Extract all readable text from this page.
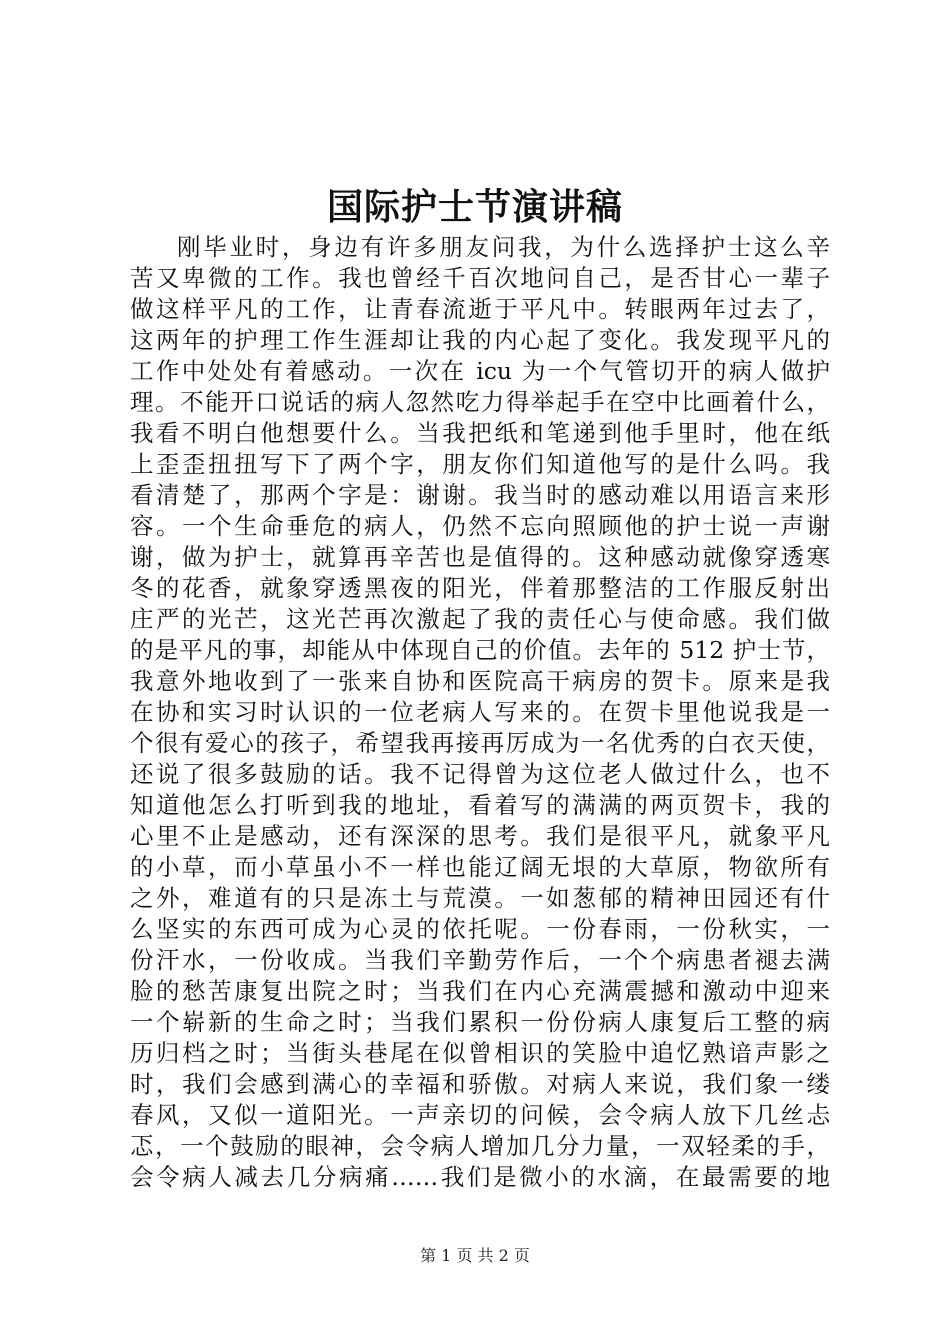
国际护士节演讲稿
刚毕业时，身边有许多朋友问我，为什么选择护士这么辛
苦又卑微的工作。我也曾经千百次地问自己，是否甘心一辈子
做这样平凡的工作，让青春流逝于平凡中。转眼两年过去了，
这两年的护理工作生涯却让我的内心起了变化。我发现平凡的
工作中处处有着感动。一次在 icu 为一个气管切开的病人做护
理。不能开口说话的病人忽然吃力得举起手在空中比画着什么，
我看不明白他想要什么。当我把纸和笔递到他手里时，他在纸
上歪歪扭扭写下了两个字，朋友你们知道他写的是什么吗。我
看清楚了，那两个字是：谢谢。我当时的感动难以用语言来形
容。一个生命垂危的病人，仍然不忘向照顾他的护士说一声谢
谢，做为护士，就算再辛苦也是值得的。这种感动就像穿透寒
冬的花香，就象穿透黑夜的阳光，伴着那整洁的工作服反射出
庄严的光芒，这光芒再次激起了我的责任心与使命感。我们做
的是平凡的事，却能从中体现自己的价值。去年的 512 护士节，
我意外地收到了一张来自协和医院高干病房的贺卡。原来是我
在协和实习时认识的一位老病人写来的。在贺卡里他说我是一
个很有爱心的孩子，希望我再接再厉成为一名优秀的白衣天使，
还说了很多鼓励的话。我不记得曾为这位老人做过什么，也不
知道他怎么打听到我的地址，看着写的满满的两页贺卡，我的
心里不止是感动，还有深深的思考。我们是很平凡，就象平凡
的小草，而小草虽小不一样也能辽阔无垠的大草原，物欲所有
之外，难道有的只是冻土与荒漠。一如葱郁的精神田园还有什
么坚实的东西可成为心灵的依托呢。一份春雨，一份秋实，一
份汗水，一份收成。当我们辛勤劳作后，一个个病患者褪去满
脸的愁苦康复出院之时；当我们在内心充满震撼和激动中迎来
一个崭新的生命之时；当我们累积一份份病人康复后工整的病
历归档之时；当街头巷尾在似曾相识的笑脸中追忆熟谙声影之
时，我们会感到满心的幸福和骄傲。对病人来说，我们象一缕
春风，又似一道阳光。一声亲切的问候，会令病人放下几丝忐
忑，一个鼓励的眼神，会令病人增加几分力量，一双轻柔的手，
会令病人减去几分病痛……我们是微小的水滴，在最需要的地
第 1 页 共 2 页
